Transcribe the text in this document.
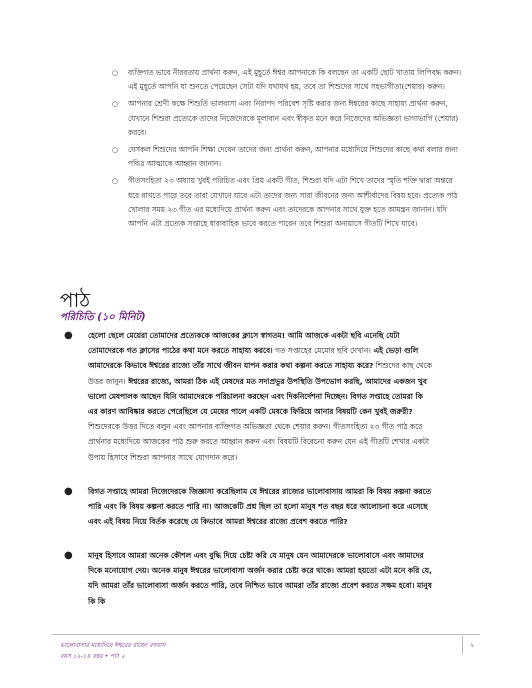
○ ব্যক্তিগত ভাবে নীরবতায় প্রার্থনা করুন, এই মুহূর্তে ঈশ্বর আপনাকে কি বলছেন তা একটি ছোট খাতায় লিপিবদ্ধ করুন। এই মুহূর্তে আপনি যা শুনতে পেয়েছেন সেটা যদি যথাযথ হয়, তবে তা শিশুদের সাথে সহভাগীতা(শেয়ার) করুন।
○ আপনার শ্রেণী কক্ষে শিশুর্তি ভালবাসা এবং নিরাপদ পরিবেশ সৃষ্টি করার জন্য ঈশ্বরের কাছে সাহায্য প্রার্থনা করুন, যেখানে শিশুরা প্রত্যেকে তাদের নিজেদেরকে মূল্যবান এবং স্বীকৃত মনে করে নিজেদের অভিজ্ঞতা ভাগাভাগি (শেয়ার) করবে।
○ যেসকল শিশুদের আপনি শিক্ষা দেবেন তাদের জন্য প্রার্থনা করুন, আপনার মধ্যেদিয়ে শিশুদের কাছে কথা বলার জন্য পবিত্র আত্মাকে আহ্বান জানান।
○ গীতসংহিতা ২৩ অধ্যায় খুবই পরিচিত এবং প্রিয় একটি গীত, শিশুরা যদি এটা শিখে তাদের স্মৃতি শক্তি দ্বারা অন্তরে ধরে রাখতে পারে তবে তারা যেখানে যাবে এটা তাদের জন্য সারা জীবনের জন্য আশীর্বাদের বিষয় হবে। প্রত্যেক পাঠ খোলার সময় ২৩ গীত এর মধ্যেদিয়ে প্রার্থনা করুন এবং তাদেরকে আপনার সাথে যুক্ত হতে আমন্ত্রন জানান। যদি আপনি এটা প্রত্যেক সপ্তাহে ধারাবাহিক ভাবে করতে পারেন তবে শিশুরা অনায়াসে গীতটি শিখে যাবে।
পাঠ
পরিচিতি (১০ মিনিট)
● হেলো ছেলে মেয়েরা তোমাদের প্রত্যেককে আজকের ক্লাসে স্বাগতম! আমি আজকে একটা ছবি এনেছি যেটা তোমাদেরকে গত ক্লাসের পাঠের কথা মনে করতে সাহায্য করবে। গত সপ্তাহের মেমোর ছবি দেখান। এই ভেড়া গুলি আমাদেরকে কিভাবে ঈশ্বরের রাজ্যে তাঁর সাথে জীবন যাপন করার কথা কল্পনা করতে সাহায্য করে? শিশুদের কাছ থেকে উত্তর জানুন। ঈশ্বরের রাজ্যে, আমরা ঠিক এই মেষদের মত সদাপ্রভুর উপস্থিতি উপভোগ করছি, আমাদের একজন খুব ভালো মেষপালক আছেন যিনি আমাদেরকে পরিচালনা করছেন এবং দিকনির্দেশনা দিচ্ছেন। বিগত সপ্তাহে তোমরা কি এর কারণ আবিষ্কার করতে পেরেছিলে যে মেষের পালে একটি মেষকে ফিরিয়ে আনার বিষয়টি কেন খুবই জরুরী? শিশুদেরকে উত্তর দিতে বলুন এবং আপনার ব্যক্তিগত অভিজ্ঞতা থেকে শেয়ার করুন। গীতসংহিতা ২৩ গীত পাঠ করে প্রার্থনার মধ্যেদিয়ে আজকের পাঠ শুরু করতে আহ্বান করুন এবং বিষয়টি বিবেচনা করুন যেন এই গীতটি শেখার একটা উপায় হিসাবে শিশুরা আপনার সাথে যোগদান করে।
● বিগত সপ্তাহে আমরা নিজেদেরকে জিজ্ঞাসা করেছিলাম যে ঈশ্বরের রাজ্যের ভালোবাসায় আমরা কি বিষয় কল্পনা করতে পারি এবং কি বিষয় কল্পনা করতে পারি না। আজকেটি প্রশ্ন ছিল তা হলো মানুষ শত বছর ধরে আলোচনা করে এসেছে এবং এই বিষয় নিয়ে বির্তক করেছে যে কিভাবে আমরা ঈশ্বরের রাজ্যে প্রবেশ করতে পারি?
● মানুষ হিসাবে আমরা অনেক কৌশল এবং বুদ্ধি দিয়ে চেষ্টা করি যে মানুষ যেন আমাদেরকে ভালোবাসে এবং আমাদের দিকে মনোযোগ দেয়। অনেক মানুষ ঈশ্বরের ভালোবাসা অর্জন করার চেষ্টা করে থাকে। আমরা হয়তো এটা মনে করি যে, যদি আমরা তাঁর ভালোবাসা অর্জন করতে পারি, তবে নিশ্চিত ভাবে আমরা তাঁর রাজ্যে প্রবেশ করতে সক্ষম হবো। মানুষ কি কি
ভালোবাসার মধ্যেদিয়ে ঈশ্বরের রাজ্যে বসবাস
বয়স ১২-১৪ বছর • পাঠ ২
২
